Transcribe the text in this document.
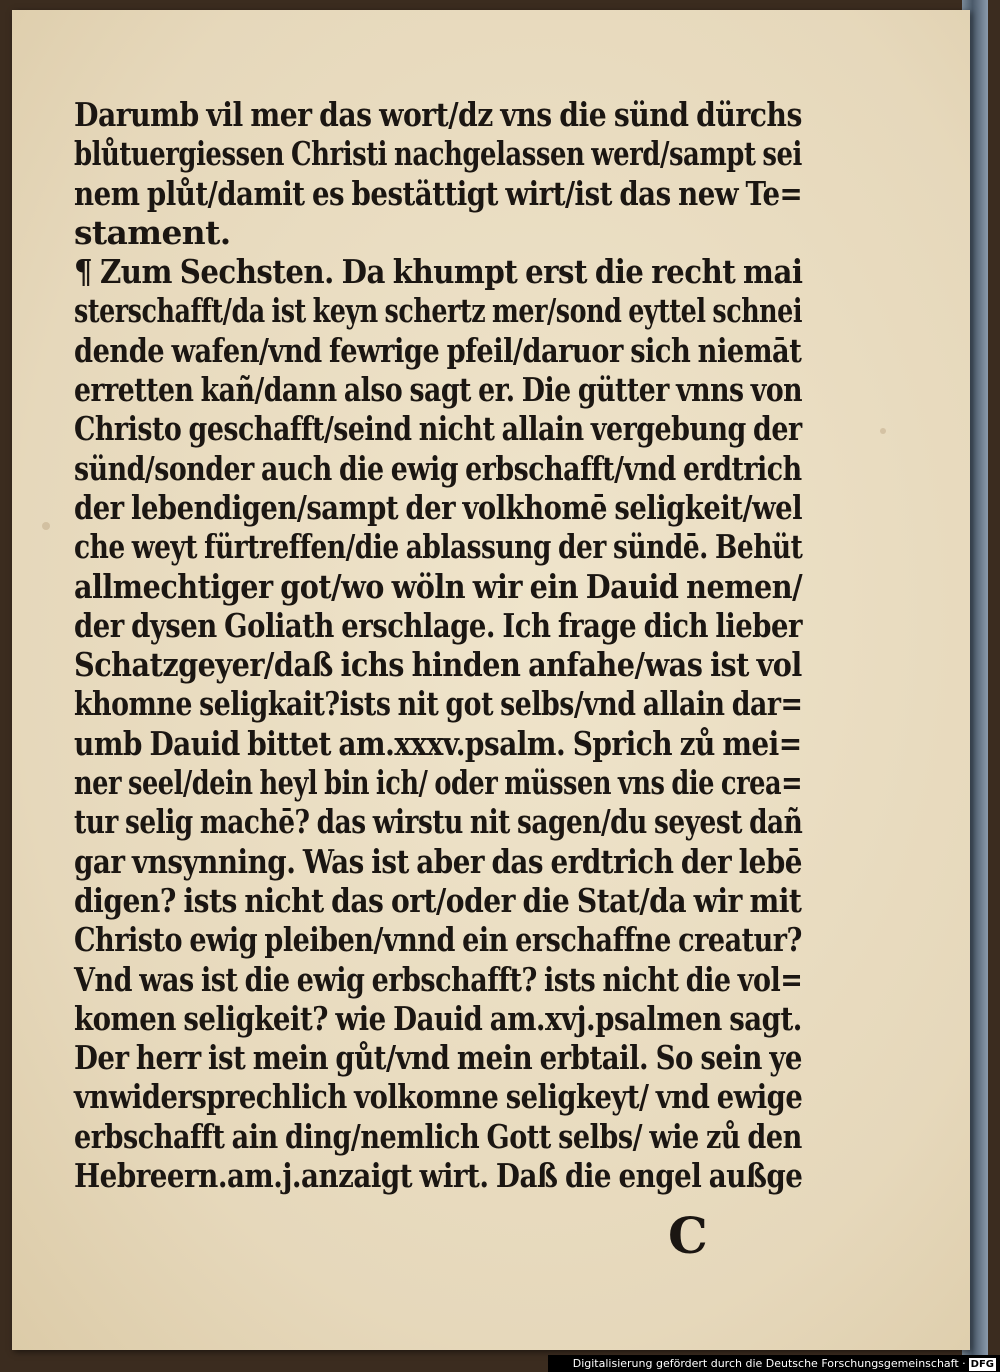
Darumb vil mer das wort/dz vns die sünd dürchs
blůtuergiessen Christi nachgelassen werd/sampt sei
nem plůt/damit es bestättigt wirt/ist das new Te=
stament.
¶ Zum Sechsten. Da khumpt erst die recht mai
sterschafft/da ist keyn schertz mer/sond eyttel schnei
dende wafen/vnd fewrige pfeil/daruor sich niemāt
erretten kañ/dann also sagt er. Die gütter vnns von
Christo geschafft/seind nicht allain vergebung der
sünd/sonder auch die ewig erbschafft/vnd erdtrich
der lebendigen/sampt der volkhomē seligkeit/wel
che weyt fürtreffen/die ablassung der sündē. Behüt
allmechtiger got/wo wöln wir ein Dauid nemen/
der dysen Goliath erschlage. Ich frage dich lieber
Schatzgeyer/daß ichs hinden anfahe/was ist vol
khomne seligkait?ists nit got selbs/vnd allain dar=
umb Dauid bittet am.xxxv.psalm. Sprich zů mei=
ner seel/dein heyl bin ich/ oder müssen vns die crea=
tur selig machē? das wirstu nit sagen/du seyest dañ
gar vnsynning. Was ist aber das erdtrich der lebē
digen? ists nicht das ort/oder die Stat/da wir mit
Christo ewig pleiben/vnnd ein erschaffne creatur?
Vnd was ist die ewig erbschafft? ists nicht die vol=
komen seligkeit? wie Dauid am.xvj.psalmen sagt.
Der herr ist mein gůt/vnd mein erbtail. So sein ye
vnwidersprechlich volkomne seligkeyt/ vnd ewige
erbschafft ain ding/nemlich Gott selbs/ wie zů den
Hebreern.am.j.anzaigt wirt. Daß die engel außge
C
Digitalisierung gefördert durch die Deutsche Forschungsgemeinschaft · DFG
